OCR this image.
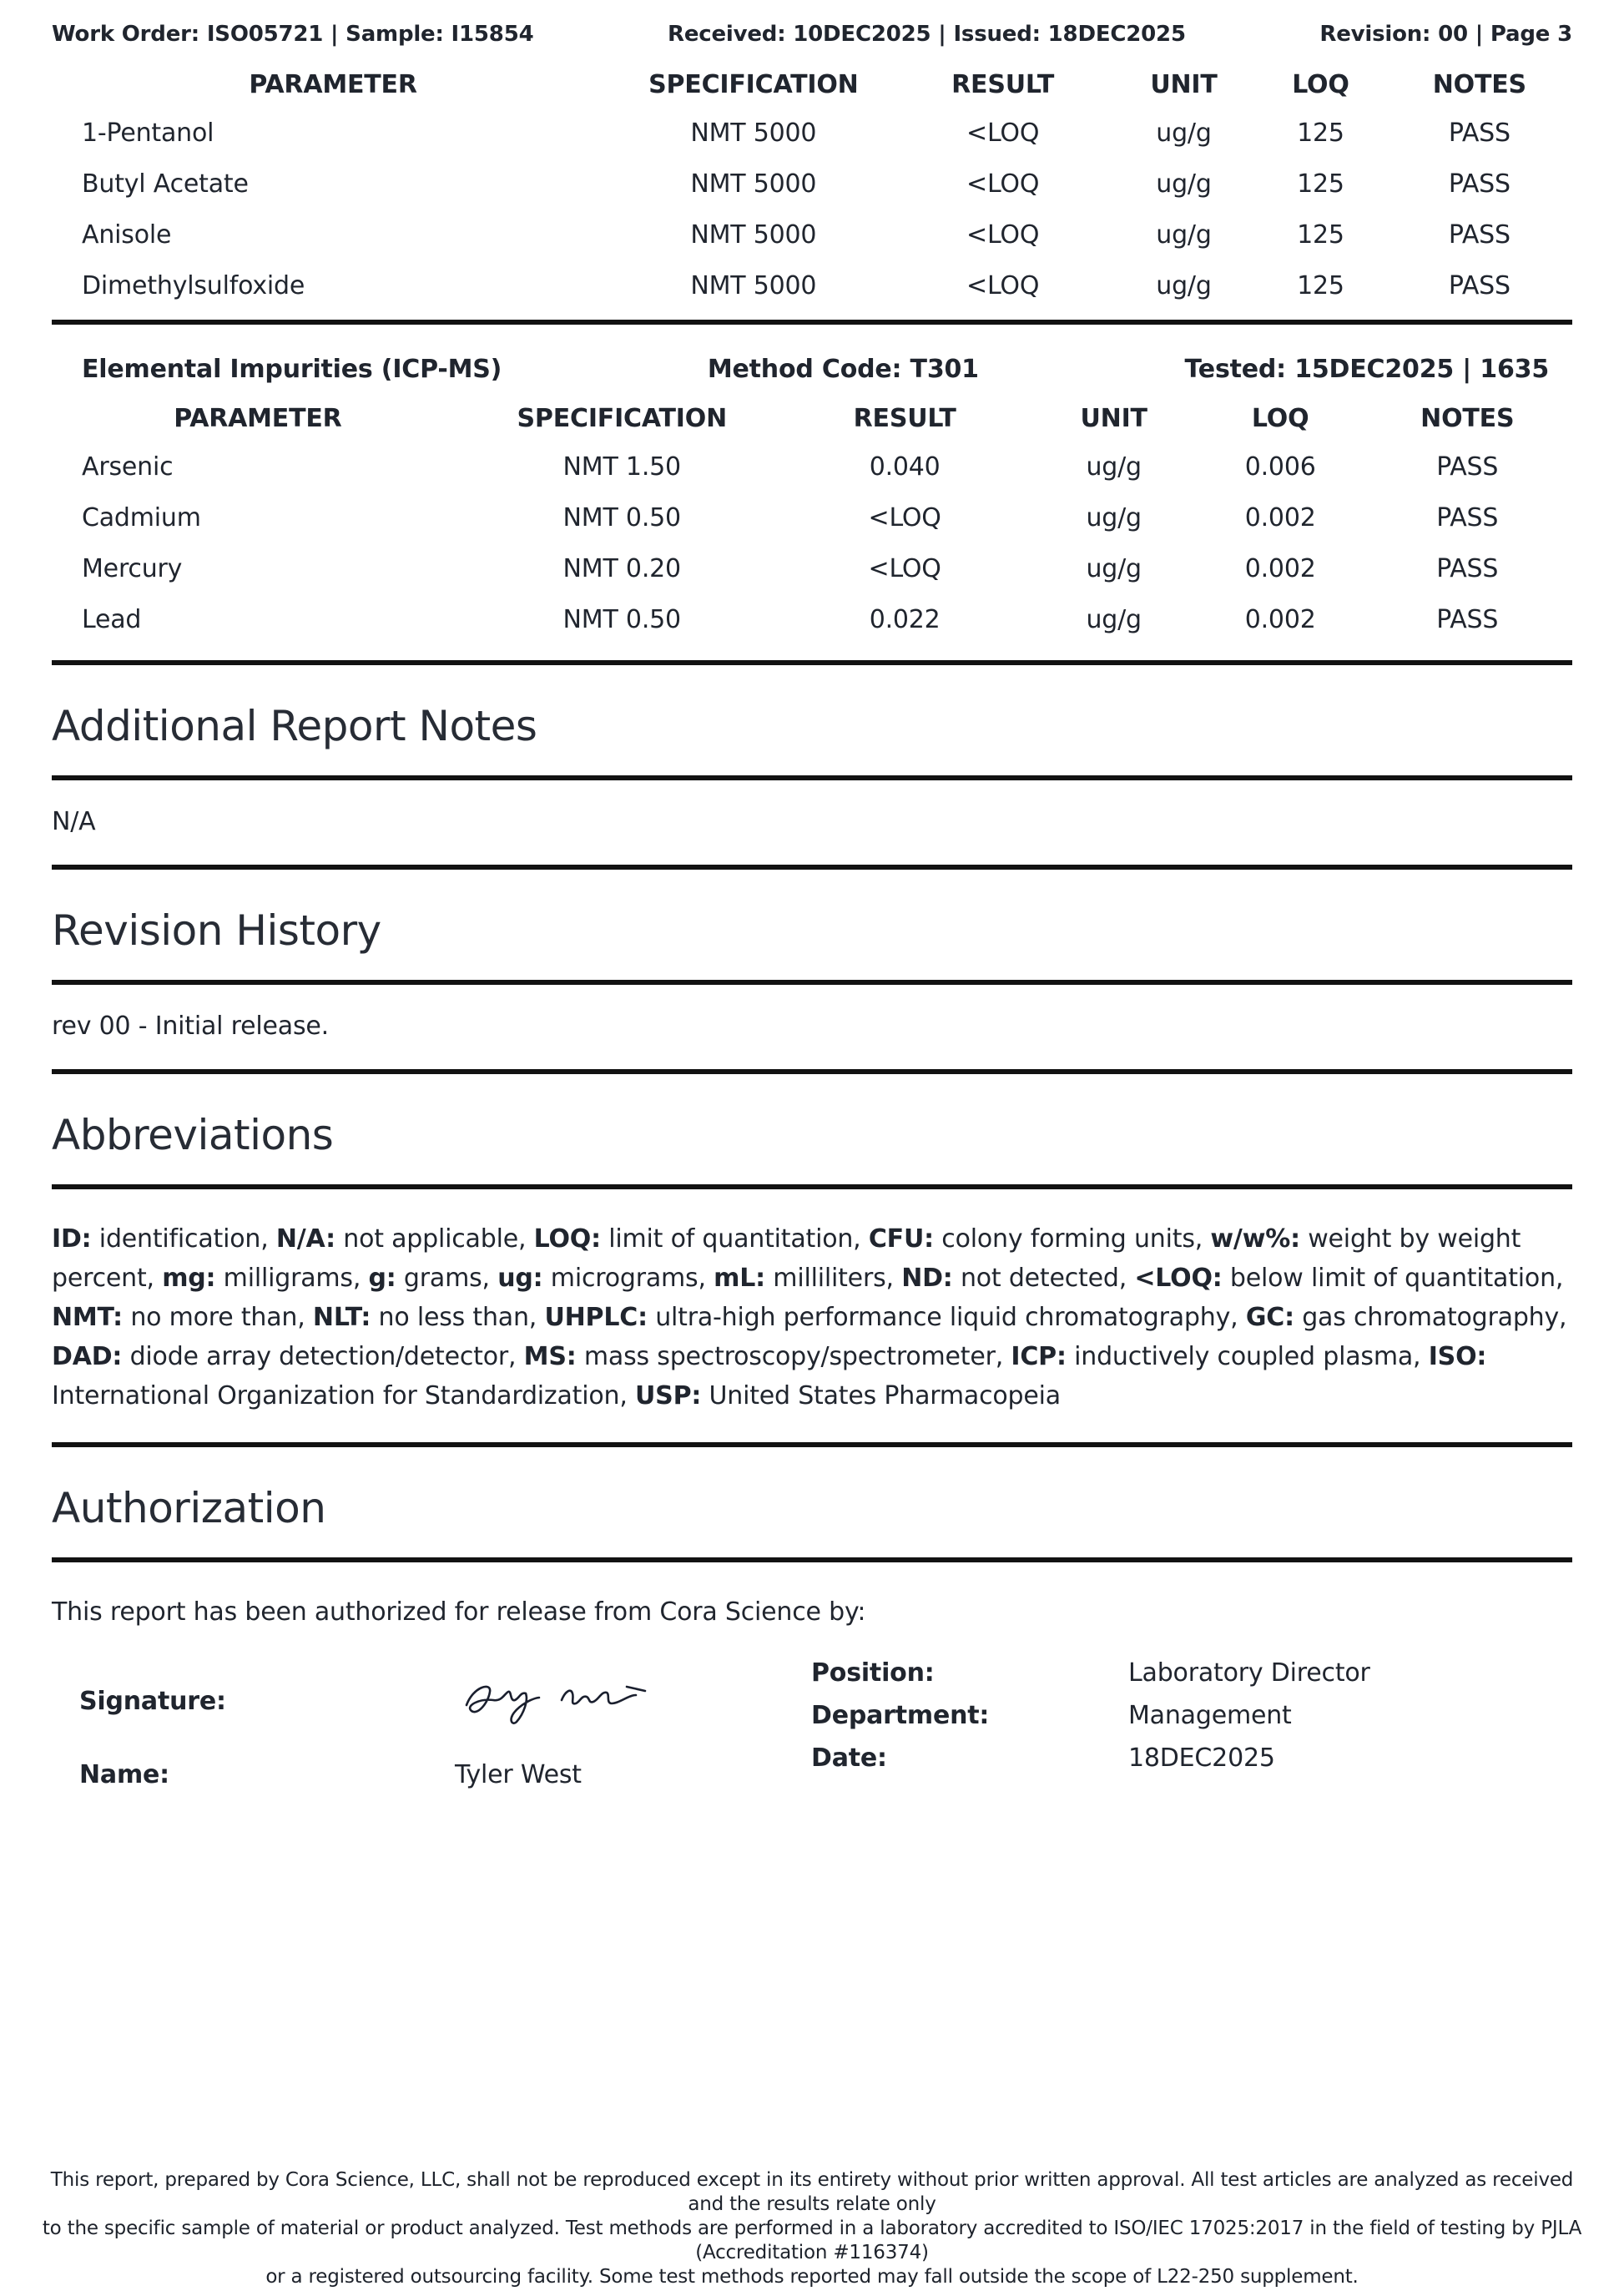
Work Order: ISO05721 | Sample: I15854	Received: 10DEC2025 | Issued: 18DEC2025	Revision: 00 | Page 3
PARAMETER	SPECIFICATION	RESULT	UNIT	LOQ	NOTES
1-Pentanol	NMT 5000	<LOQ	ug/g	125	PASS
Butyl Acetate	NMT 5000	<LOQ	ug/g	125	PASS
Anisole	NMT 5000	<LOQ	ug/g	125	PASS
Dimethylsulfoxide	NMT 5000	<LOQ	ug/g	125	PASS
Elemental Impurities (ICP-MS)	Method Code: T301	Tested: 15DEC2025 | 1635
PARAMETER	SPECIFICATION	RESULT	UNIT	LOQ	NOTES
Arsenic	NMT 1.50	0.040	ug/g	0.006	PASS
Cadmium	NMT 0.50	<LOQ	ug/g	0.002	PASS
Mercury	NMT 0.20	<LOQ	ug/g	0.002	PASS
Lead	NMT 0.50	0.022	ug/g	0.002	PASS
Additional Report Notes

N/A

Revision History

rev 00 - Initial release.

Abbreviations

ID: identification, N/A: not applicable, LOQ: limit of quantitation, CFU: colony forming units, w/w%: weight by weight percent, mg: milligrams, g: grams, ug: micrograms, mL: milliliters, ND: not detected, <LOQ: below limit of quantitation, NMT: no more than, NLT: no less than, UHPLC: ultra-high performance liquid chromatography, GC: gas chromatography, DAD: diode array detection/detector, MS: mass spectroscopy/spectrometer, ICP: inductively coupled plasma, ISO: International Organization for Standardization, USP: United States Pharmacopeia

Authorization

This report has been authorized for release from Cora Science by:

Signature:
Name:	Tyler West
Position:	Laboratory Director
Department:	Management
Date:	18DEC2025
This report, prepared by Cora Science, LLC, shall not be reproduced except in its entirety without prior written approval. All test articles are analyzed as received and the results relate only
to the specific sample of material or product analyzed. Test methods are performed in a laboratory accredited to ISO/IEC 17025:2017 in the field of testing by PJLA (Accreditation #116374)
or a registered outsourcing facility. Some test methods reported may fall outside the scope of L22-250 supplement.
